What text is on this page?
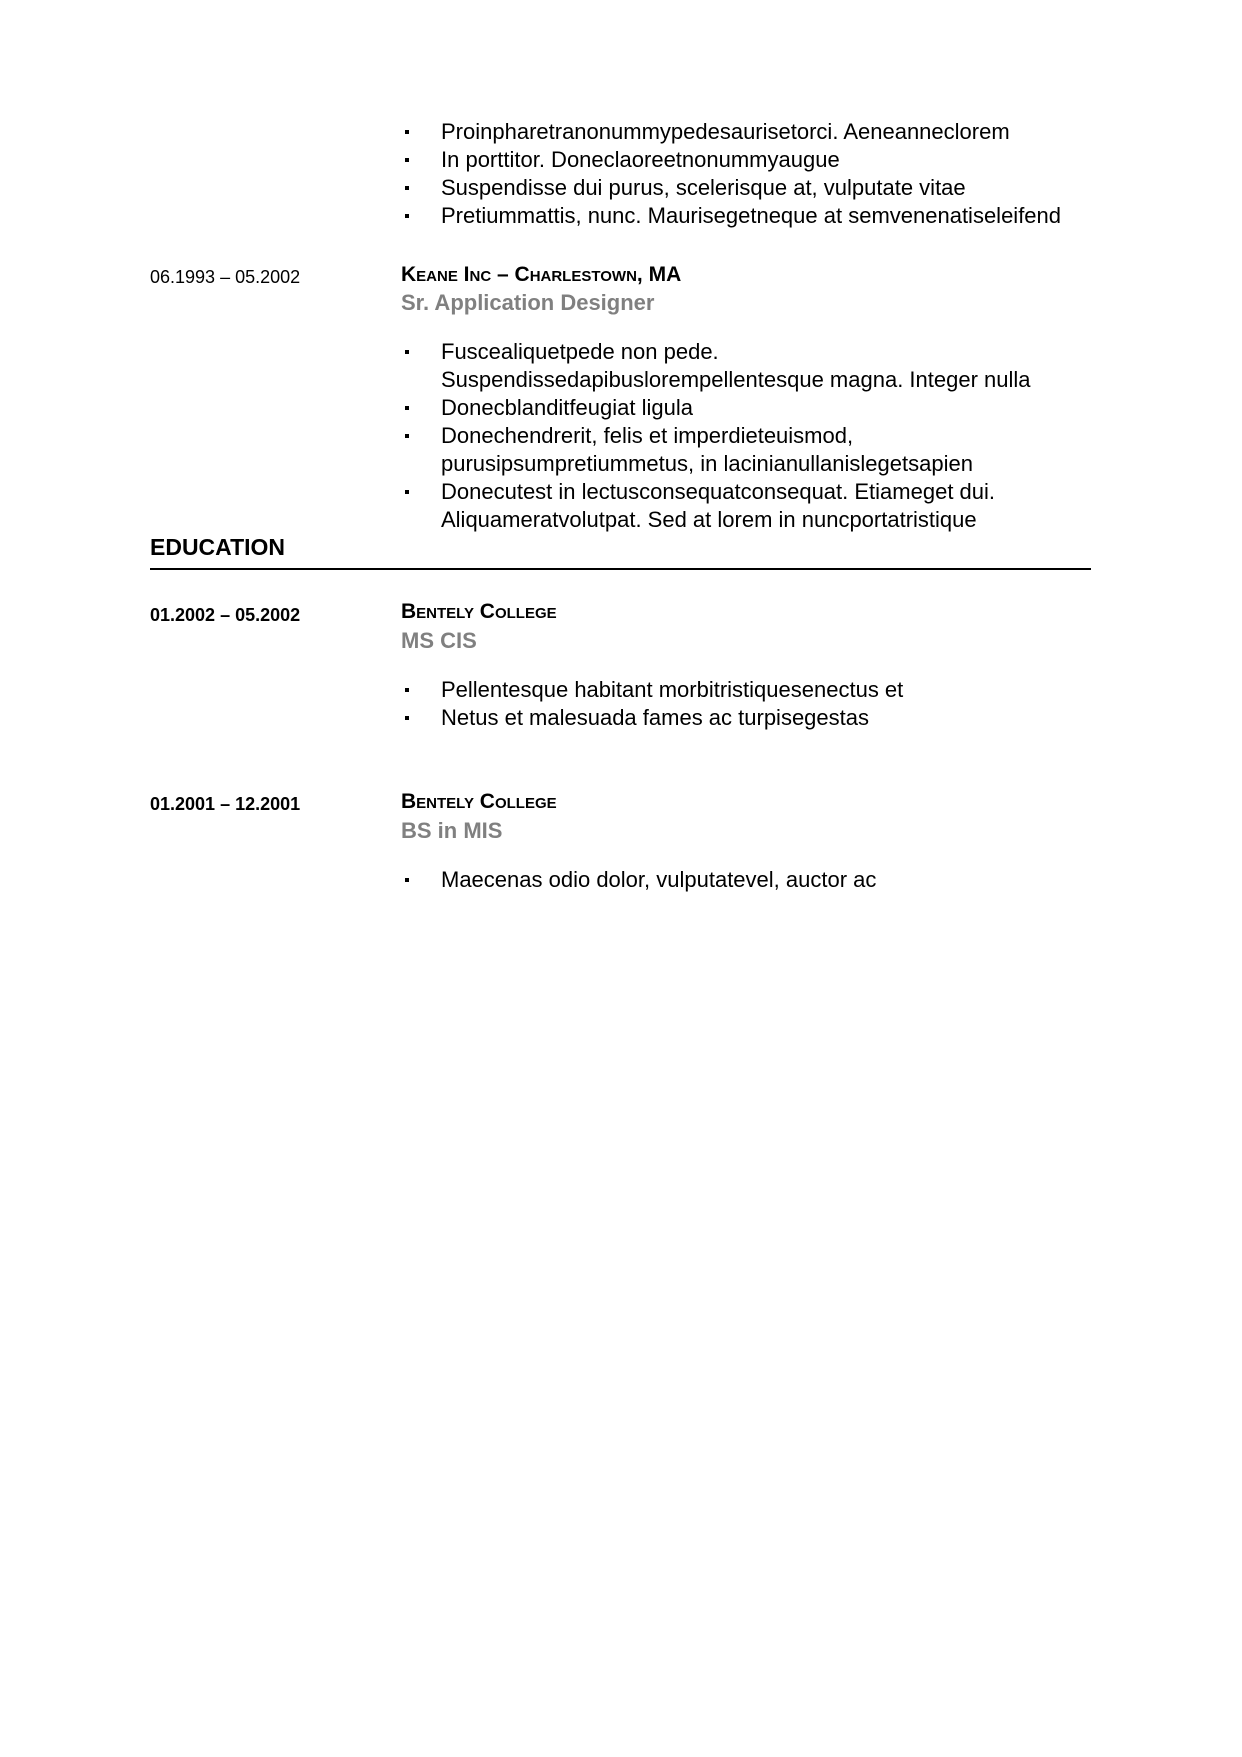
Proinpharetranonummypedesaurisetorci. Aeneanneclorem
In porttitor. Doneclaoreetnonummyaugue
Suspendisse dui purus, scelerisque at, vulputate vitae
Pretiummattis, nunc. Maurisegetneque at semvenenatiseleifend
06.1993 – 05.2002	Keane Inc – Charlestown, MA
Sr. Application Designer
Fuscealiquetpede non pede.
Suspendissedapibuslorempellentesque magna. Integer nulla
Donecblanditfeugiat ligula
Donechendrerit, felis et imperdieteuismod,
purusipsumpretiummetus, in lacinianullanislegetsapien
Donecutest in lectusconsequatconsequat. Etiameget dui.
Aliquameratvolutpat. Sed at lorem in nuncportatristique
EDUCATION
01.2002 – 05.2002	Bentely College
MS CIS
Pellentesque habitant morbitristiquesenectus et
Netus et malesuada fames ac turpisegestas
01.2001 – 12.2001	Bentely College
BS in MIS
Maecenas odio dolor, vulputatevel, auctor ac
